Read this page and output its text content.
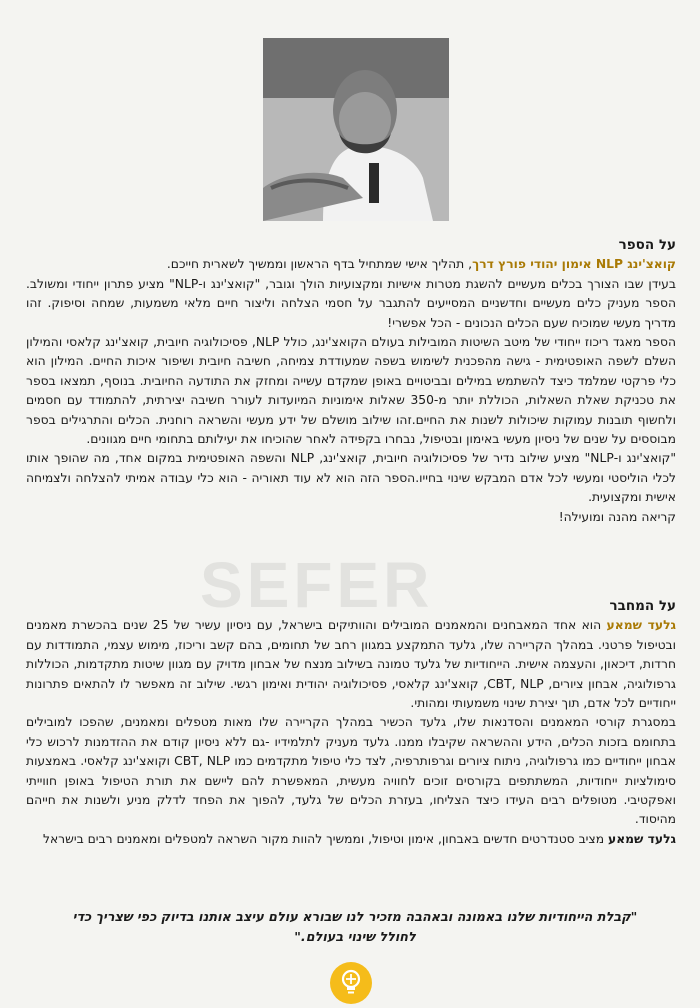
SEFER

על הספר

קואצ'ינג NLP אימון יהודי פורץ דרך, תהליך אישי שמתחיל בדף הראשון וממשיך לשארית חייכם.

בעידן שבו הצורך בכלים מעשיים להשגת מטרות אישיות ומקצועיות הולך וגובר, "קואצ'ינג ו-NLP" מציע פתרון ייחודי ומשולב. הספר מעניק כלים מעשיים וחדשניים המסייעים להתגבר על חסמי הצלחה וליצור חיים מלאי משמעות, שמחה וסיפוק. זהו מדריך מעשי שמוכיח שעם הכלים הנכונים - הכל אפשרי!

הספר מאגד ריכוז ייחודי של מיטב השיטות המובילות בעולם הקואצ'ינג, כולל NLP, פסיכולוגיה חיובית, קואצ'ינג קלאסי והמילון השלם לשפה האופטימית - גישה מהפכנית לשימוש בשפה שמעודדת צמיחה, חשיבה חיובית ושיפור איכות החיים. המילון הוא כלי פרקטי שמלמד כיצד להשתמש במילים ובביטויים באופן שמקדם עשייה ומחזק את התודעה החיובית. בנוסף, תמצאו בספר את טכניקת שאלת השאלות, הכוללת יותר מ-350 שאלות אימוניות המיועדות לעורר חשיבה יצירתית, להתמודד עם חסמים ולחשוף תובנות עמוקות שיכולות לשנות את החיים.זהו שילוב מושלם של ידע מעשי והשראה רוחנית. הכלים והתרגילים בספר מבוססים על שנים של ניסיון מעשי באימון ובטיפול, נבחרו בקפידה לאחר שהוכיחו את יעילותם בתחומי חיים מגוונים.

"קואצ'ינג ו-NLP" מציע שילוב נדיר של פסיכולוגיה חיובית, קואצ'ינג, NLP והשפה האופטימית במקום אחד, מה שהופך אותו לכלי הוליסטי ומעשי לכל אדם המבקש שינוי בחייו.הספר הזה הוא לא עוד תאוריה - הוא כלי עבודה אמיתי להצלחה ולצמיחה אישית ומקצועית.

קריאה מהנה ומועילה!

על המחבר

גלעד שמאע הוא אחד המאבחנים והמאמנים המובילים והוותיקים בישראל, עם ניסיון עשיר של 25 שנים בהכשרת מאמנים ובטיפול פרטני. במהלך הקריירה שלו, גלעד התמקצע במגוון רחב של תחומים, בהם קשב וריכוז, מימוש עצמי, התמודדות עם חרדות, דיכאון, והעצמה אישית. הייחודיות של גלעד טמונה בשילוב מנצח של אבחון מדויק עם מגוון שיטות מתקדמות, הכוללות גרפולוגיה, אבחון ציורים, CBT, NLP, קואצ'ינג קלאסי, פסיכולוגיה יהודית ואימון רגשי. שילוב זה מאפשר לו להתאים פתרונות ייחודיים לכל אדם, תוך יצירת שינוי משמעותי ומהותי.

במסגרת קורסי המאמנים והסדנאות שלו, גלעד הכשיר במהלך הקריירה שלו מאות מטפלים ומאמנים, שהפכו למובילים בתחומם בזכות הכלים, הידע וההשראה שקיבלו ממנו. גלעד מעניק לתלמידיו -גם ללא ניסיון קודם את ההזדמנות לרכוש כלי אבחון ייחודיים כמו גרפולוגיה, ניתוח ציורים וגרפותרפיה, לצד כלי טיפול מתקדמים כמו CBT, NLP וקואצ'ינג קלאסי. באמצעות סימולציות ייחודיות, המשתתפים בקורסים זוכים לחוויה מעשית, המאפשרת להם ליישם את תורת הטיפול באופן חווייתי ואפקטיבי. מטופלים רבים העידו כיצד הצליחו, בעזרת הכלים של גלעד, להפוך את הפחד לדלק מניע ולשנות את חייהם מהיסוד.

גלעד שמאע מציב סטנדרטים חדשים באבחון, אימון וטיפול, וממשיך להוות מקור השראה למטפלים ומאמנים רבים בישראל

"קבלת הייחודיות שלנו באמונה ובאהבה מזכיר לנו שבורא עולם עיצב אותנו בדיוק כפי שצריך כדי לחולל שינוי בעולם."
